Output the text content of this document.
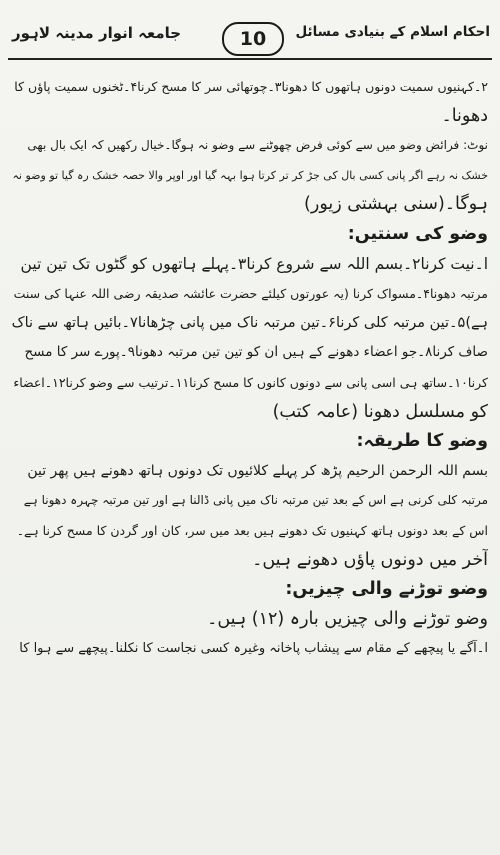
احکام اسلام کے بنیادی مسائل
10
جامعہ انوار مدینہ لاہور
۲۔کہنیوں سمیت دونوں ہاتھوں کا دھونا۳۔چوتھائی سر کا مسح کرنا۴۔ٹخنوں سمیت پاؤں کا
دھونا۔
نوٹ: فرائض وضو میں سے کوئی فرض چھوٹنے سے وضو نہ ہوگا۔خیال رکھیں کہ ایک بال بھی
خشک نہ رہے اگر پانی کسی بال کی جڑ کر تر کرتا ہوا بہہ گیا اور اوپر والا حصہ خشک رہ گیا تو وضو نہ
ہوگا۔(سنی بہشتی زیور)
وضو کی سنتیں:
ا۔نیت کرنا۲۔بسم اللہ سے شروع کرنا۳۔پہلے ہاتھوں کو گٹوں تک تین تین
مرتبہ دھونا۴۔مسواک کرنا (یہ عورتوں کیلئے حضرت عائشہ صدیقہ رضی اللہ عنہا کی سنت
ہے)۵۔تین مرتبہ کلی کرنا۶۔تین مرتبہ ناک میں پانی چڑھانا۷۔بائیں ہاتھ سے ناک
صاف کرنا۸۔جو اعضاء دھونے کے ہیں ان کو تین تین مرتبہ دھونا۹۔پورے سر کا مسح
کرنا۱۰۔ساتھ ہی اسی پانی سے دونوں کانوں کا مسح کرنا۱۱۔ترتیب سے وضو کرنا۱۲۔اعضاء
کو مسلسل دھونا (عامہ کتب)
وضو کا طریقہ:
بسم اللہ الرحمن الرحیم پڑھ کر پہلے کلائیوں تک دونوں ہاتھ دھونے ہیں پھر تین
مرتبہ کلی کرنی ہے اس کے بعد تین مرتبہ ناک میں پانی ڈالنا ہے اور تین مرتبہ چہرہ دھونا ہے
اس کے بعد دونوں ہاتھ کہنیوں تک دھونے ہیں بعد میں سر، کان اور گردن کا مسح کرنا ہے۔
آخر میں دونوں پاؤں دھونے ہیں۔
وضو توڑنے والی چیزیں:
وضو توڑنے والی چیزیں بارہ (۱۲) ہیں۔
ا۔آگے یا پیچھے کے مقام سے پیشاب پاخانہ وغیرہ کسی نجاست کا نکلنا۔پیچھے سے ہوا کا
